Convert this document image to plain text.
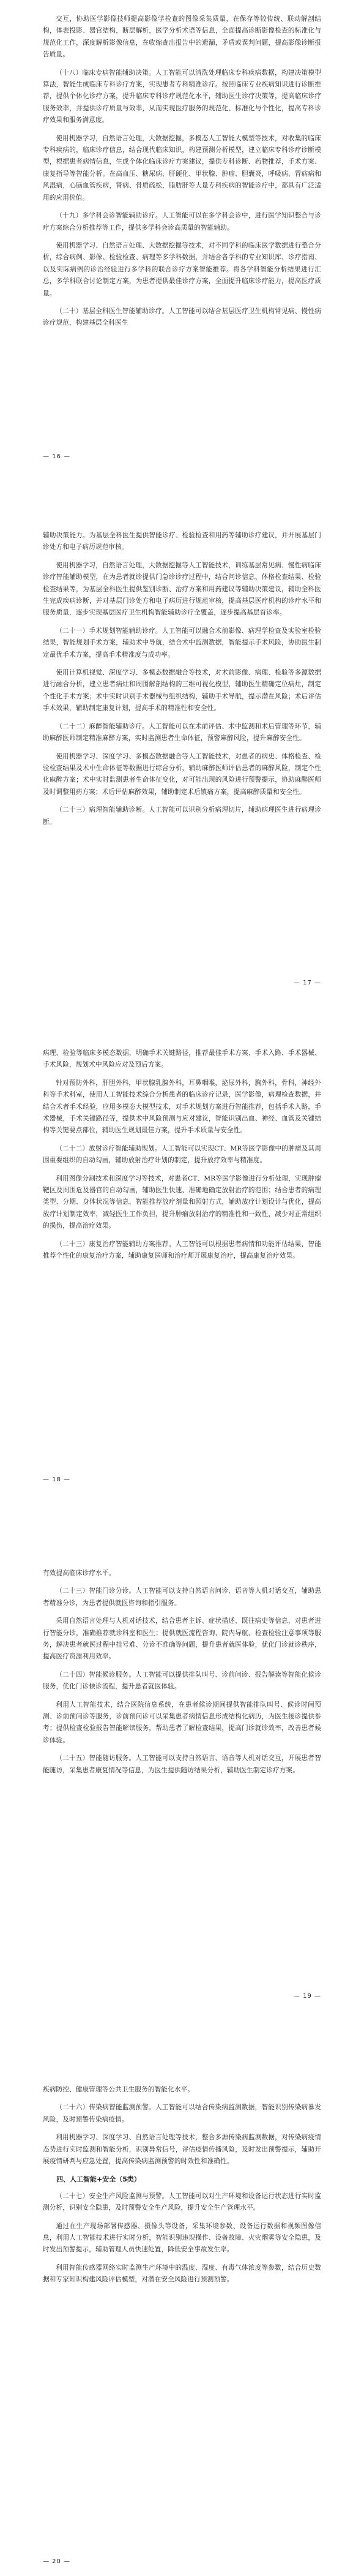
交互，协助医学影像技师提高影像学检查的图像采集质量，在保存等较传统、联动解剖结构，体表投影、器官结构，断层解析，医学分析术语等信息，全面提高诊断影像检查的标准化与规范化工作，深度解析影像信息，在收缩查出报告中的遗漏，矛盾或误判问题，提高影像诊断报告质量。

（十八）临床专病智能辅助决策。人工智能可以清洗处理临床专科疾病数据，构建决策模型算法，智能生成临床专科诊疗方案，实现患者专科精准诊疗。按照临床专业疾病知识进行诊断推荐，提供个体化诊疗方案，提升临床专科诊疗规范化水平，辅助医生诊疗决策等，提高临床诊疗服务效率，并提供诊疗质量与效率，从而实现医疗服务的规范化、标准化与个性化，提高专科诊疗效果和服务满意度。

使用机器学习，自然语言处理，大数据挖掘，多模态人工智能大模型等技术，对收集的临床专科疾病的，临床诊疗信息，结合现代临床知识，构建预测分析模型，建立临床专科诊疗诊断模型，根据患者病情信息，生成个体化临床诊疗方案建议，提供专科诊断、药物推荐，手术方案、康复指导等智能分析。在高血压、糖尿病、肝硬化、甲状腺、肿瘤、胆囊炎，呼吸病、胃病病和风湿病，心脑血管疾病，肾病、骨质疏松，脂肪肝等大量专科疾病的智能诊疗中，都具有广泛适用的应用价值。

（十九）多学科会诊智能辅助诊疗。人工智能可以在多学科会诊中，进行医学知识整合与诊疗方案综合分析推荐等工作，提供多学科会诊高质量的智能辅助。

使用机器学习、自然语言处理、大数据挖掘等技术，对不同学科的临床医学数据进行整合分析，综合病例、影像、检验检查、病理等多学科数据，并结合各学科的专业知识库、诊疗指南、以及实际病例的诊治经验进行多学科的联合诊疗方案智能推荐。将各学科智能分析结果进行汇总，多学科联合讨论制定方案，为患者提供最佳诊疗方案，全面提升临床诊疗能力，提高医疗质量。

（二十）基层全科医生智能辅助诊疗。人工智能可以结合基层医疗卫生机构常见病、慢性病诊疗规范，构建基层全科医生

— 16 —

辅助决策能力。为基层全科医生提供智能诊疗、检验检查和用药等辅助诊疗建议，并开展基层门诊处方和电子病历规范审核。

使用机器学习，自然语言处理，大数据挖掘等人工智能技术，训练基层常见病、慢性病临床诊疗智能辅助模型，在为患者就诊提供门急诊诊疗过程中，结合问诊信息、体格检查结果、检验检查结果等，为基层全科医生提供鉴别诊断、治疗方案和用药建议等辅助决策建议，辅助全科医生完成疾病诊断，并对基层门诊处方和电子病历进行规范审核，提高基层医疗机构的诊疗水平和服务质量，逐步实现基层医疗卫生机构智能辅助诊疗全覆盖，逐步提高基层首诊率。

（二十一）手术规划智能辅助诊疗。人工智能可以融合术前影像、病理学检查及实验室检验结果，智能规划手术方案，辅助术中导航，结合术中监测数据，智能提示手术风险，协助医生制定最优手术方案，提高手术精准度与成功率。

使用计算机视觉、深度学习、多模态数据融合等技术，对术前影像、病理、检验等多源数据进行融合分析，建立患者病灶和周围解剖结构的三维可视化模型，辅助医生精确定位病灶，制定个性化手术方案；术中实时识别手术器械与组织结构，辅助手术导航，提示潜在风险；术后评估手术效果，辅助制定康复计划，提高手术的精准性和安全性。

（二十二）麻醉智能辅助诊疗。人工智能可以在术前评估、术中监测和术后管理等环节，辅助麻醉医师制定精准麻醉方案，实时监测患者生命体征，预警麻醉风险，提升麻醉安全性。

使用机器学习、深度学习、多模态数据融合等人工智能技术，对患者的病史、体格检查、检验检查结果及术中生命体征等数据进行综合分析，辅助麻醉医师评估患者的麻醉风险，制定个性化麻醉方案；术中实时监测患者生命体征变化，对可能出现的风险进行预警提示，协助麻醉医师及时调整用药方案；术后评估麻醉效果，辅助制定术后镇痛方案，提高麻醉质量和安全性。

（二十三）病理智能辅助诊断。人工智能可以识别分析病理切片，辅助病理医生进行病理诊断。

— 17 —

病理、检验等临床多模态数据，明确手术关键路径，推荐最佳手术方案、手术入路、手术器械、手术风险，规划术中风险应对及预后方案。

针对预防外科，肝胆外科，甲状腺乳腺外科，耳鼻咽喉，泌尿外科，胸外科，骨科，神经外科等手术科室，使用人工智能技术综合分析患者的临床诊疗记录，医学影像，病理检查数据，并结合术者手术经验，应用多模态大模型技术，对手术规划方案进行智能推荐，包括手术入路，手术器械，手术关键路径等，提供术中风险预测与应对建议，智能识别出血、神经、血管及关键结构等关键要点部位，辅助医生规划最佳方案，提升手术质量与安全性。

（二十二）放射诊疗智能辅助规划。人工智能可以实现CT、MR等医学影像中的肿瘤及其周围重要组织的自动勾画，辅助放射治疗计划的制定，提升放疗效率与精准度。

利用图像分割技术和深度学习等技术，对患者CT、MR等医学影像进行分析处理，实现肿瘤靶区及周围危及器官的自动勾画，辅助医生快速、准确地确定放射治疗的范围；结合患者的病理类型、分期、身体状况等信息，智能推荐放疗剂量和照射方式，辅助放疗计划设计与优化，提高放疗计划制定效率，减轻医生工作负担，提升肿瘤放射治疗的精准性和一致性，减少对正常组织的损伤，提高治疗效果。

（二十三）康复治疗智能辅助方案推荐。人工智能可以根据患者病情和功能评估结果，智能推荐个性化的康复治疗方案，辅助康复医师和治疗师开展康复治疗，提高康复治疗效果。

— 18 —

有效提高临床诊疗水平。

（二十三）智能门诊分诊。人工智能可以支持自然语言问诊、语音等人机对话交互，辅助患者精准分诊，为患者提供就医咨询和指引服务。

采用自然语言处理与人机对话技术，结合患者主诉、症状描述、既往病史等信息，对患者进行智能分诊，准确推荐就诊科室和医生；提供就医流程咨询、院内导航、检查检验注意事项等服务，解决患者就医过程中挂号难、分诊不准确等问题，提升患者就医体验，优化门诊就诊秩序，提高医疗资源利用效率。

（二十四）智能候诊服务。人工智能可以提供排队叫号、诊前问诊、报告解读等智能化候诊服务，优化门诊候诊流程，提升患者就医体验。

利用人工智能技术，结合医院信息系统，在患者候诊期间提供智能排队叫号、候诊时间预测、诊前预问诊等服务，诊前预问诊可以采集患者病情信息形成结构化病历，为医生接诊提供参考；提供检查检验报告智能解读服务，帮助患者了解检查结果，提高门诊就诊效率，改善患者候诊体验。

（二十五）智能随访服务。人工智能可以支持自然语言、语音等人机对话交互，开展患者智能随访，采集患者康复情况等信息，为医生提供随访结果分析，辅助医生制定诊疗方案。

— 19 —

疾病防控、健康管理等公共卫生服务的智能化水平。

（二十六）传染病智能监测预警。人工智能可以结合传染病监测数据，智能识别传染病暴发风险，及时预警传染病疫情。

利用机器学习、深度学习、自然语言处理等技术，整合多源传染病监测数据，对传染病疫情态势进行实时监测和智能分析，识别异常信号，评估疫情传播风险，及时发出预警提示，辅助开展疫情研判与应急处置，提高传染病监测预警的时效性和准确性。

四、人工智能+安全（5类）

（二十七）安全生产风险监测与预警。人工智能可以对生产环境和设备运行状态进行实时监测分析，识别安全隐患，及时预警安全生产风险，提升安全生产管理水平。

通过在生产现场部署传感器、摄像头等设备，采集环境参数、设备运行数据和视频图像信息，利用人工智能技术进行实时分析，智能识别违规操作、设备故障、火灾烟雾等安全隐患，及时发出预警提示，辅助管理人员快速处置，降低安全事故发生率。

利用智能传感器网络实时监测生产环境中的温度、湿度、有毒气体浓度等参数，结合历史数据和专家知识构建风险评估模型，对潜在安全风险进行预测预警。

— 20 —
